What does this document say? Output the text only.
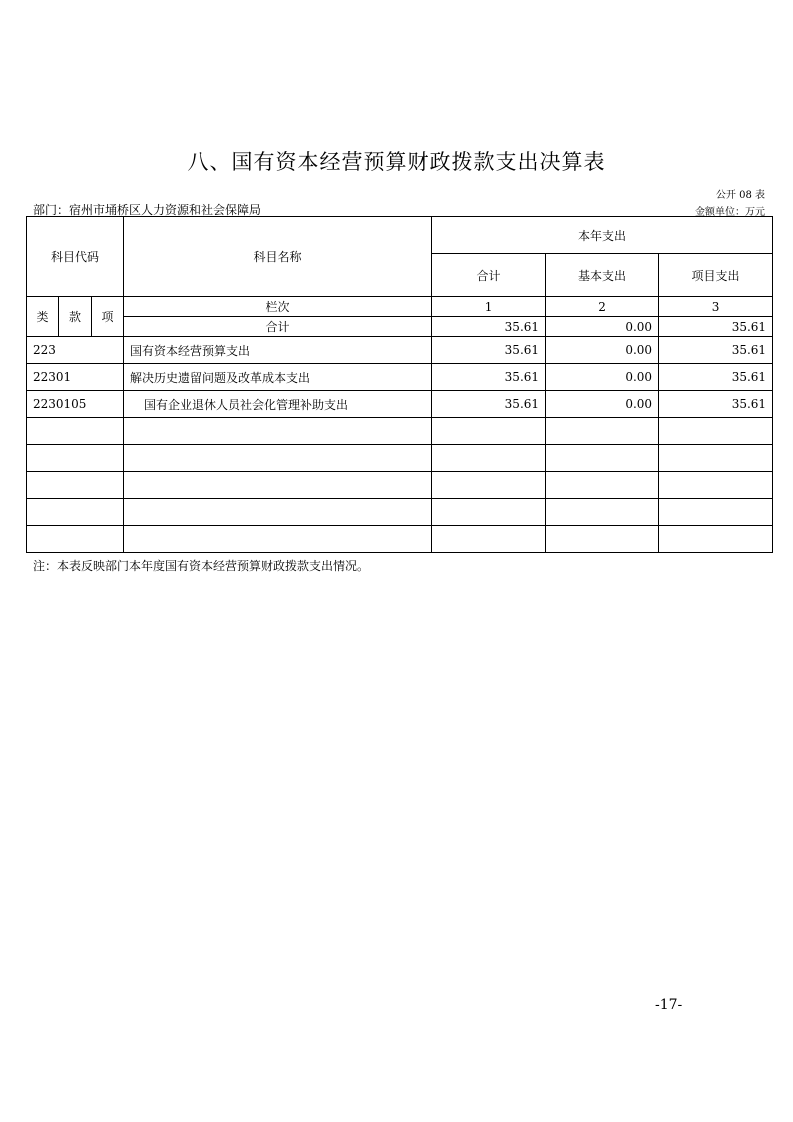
八、国有资本经营预算财政拨款支出决算表
公开 08 表
部门：宿州市埇桥区人力资源和社会保障局	金额单位：万元
科目代码			科目名称	本年支出		
				合计	基本支出	项目支出
类	款	项	栏次	1	2	3
			合计	35.61	0.00	35.61
223			国有资本经营预算支出	35.61	0.00	35.61
22301			解决历史遗留问题及改革成本支出	35.61	0.00	35.61
2230105			国有企业退休人员社会化管理补助支出	35.61	0.00	35.61

注：本表反映部门本年度国有资本经营预算财政拨款支出情况。
-17-
